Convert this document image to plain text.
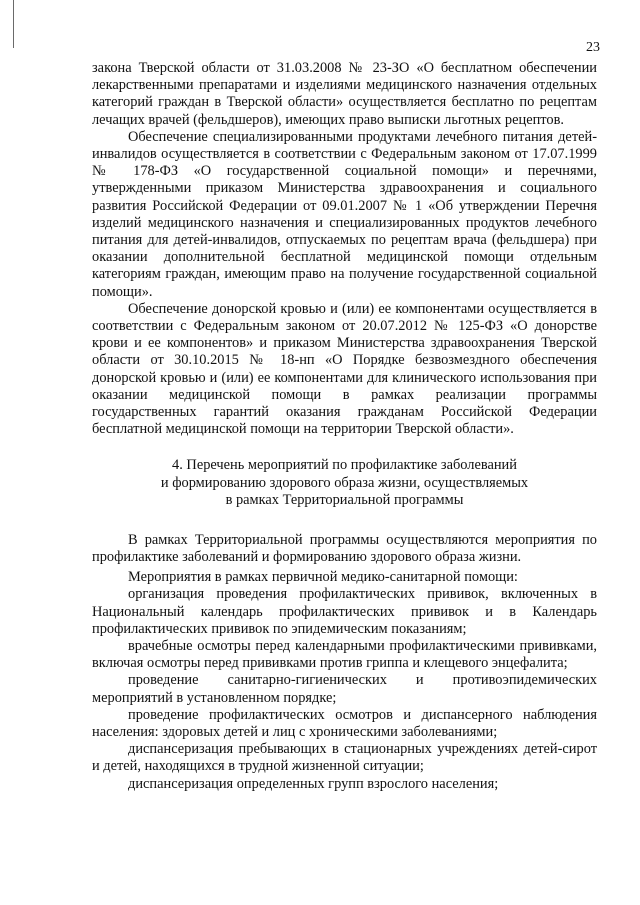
23

закона Тверской области от 31.03.2008 № 23-ЗО «О бесплатном обеспечении лекарственными препаратами и изделиями медицинского назначения отдельных категорий граждан в Тверской области» осуществляется бесплатно по рецептам лечащих врачей (фельдшеров), имеющих право выписки льготных рецептов.

Обеспечение специализированными продуктами лечебного питания детей-инвалидов осуществляется в соответствии с Федеральным законом от 17.07.1999 № 178-ФЗ «О государственной социальной помощи» и перечнями, утвержденными приказом Министерства здравоохранения и социального развития Российской Федерации от 09.01.2007 № 1 «Об утверждении Перечня изделий медицинского назначения и специализированных продуктов лечебного питания для детей-инвалидов, отпускаемых по рецептам врача (фельдшера) при оказании дополнительной бесплатной медицинской помощи отдельным категориям граждан, имеющим право на получение государственной социальной помощи».

Обеспечение донорской кровью и (или) ее компонентами осуществляется в соответствии с Федеральным законом от 20.07.2012 № 125-ФЗ «О донорстве крови и ее компонентов» и приказом Министерства здравоохранения Тверской области от 30.10.2015 № 18-нп «О Порядке безвозмездного обеспечения донорской кровью и (или) ее компонентами для клинического использования при оказании медицинской помощи в рамках реализации программы государственных гарантий оказания гражданам Российской Федерации бесплатной медицинской помощи на территории Тверской области».

4. Перечень мероприятий по профилактике заболеваний
и формированию здорового образа жизни, осуществляемых
в рамках Территориальной программы

В рамках Территориальной программы осуществляются мероприятия по профилактике заболеваний и формированию здорового образа жизни.

Мероприятия в рамках первичной медико-санитарной помощи:

организация проведения профилактических прививок, включенных в Национальный календарь профилактических прививок и в Календарь профилактических прививок по эпидемическим показаниям;

врачебные осмотры перед календарными профилактическими прививками, включая осмотры перед прививками против гриппа и клещевого энцефалита;

проведение санитарно-гигиенических и противоэпидемических мероприятий в установленном порядке;

проведение профилактических осмотров и диспансерного наблюдения населения: здоровых детей и лиц с хроническими заболеваниями;

диспансеризация пребывающих в стационарных учреждениях детей-сирот и детей, находящихся в трудной жизненной ситуации;

диспансеризация определенных групп взрослого населения;
